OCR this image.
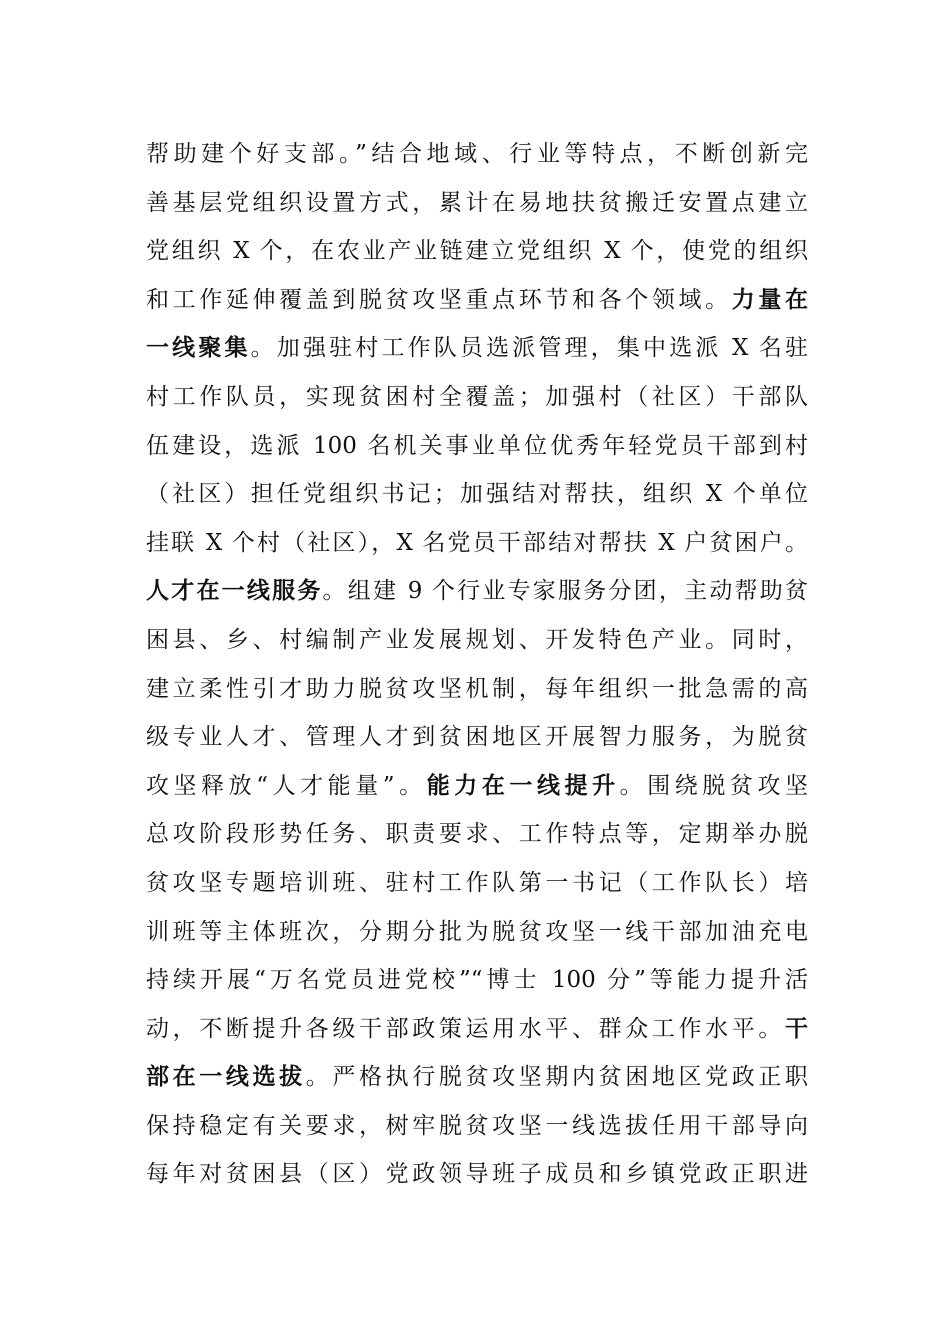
帮助建个好支部。”结合地域、行业等特点，不断创新完
善基层党组织设置方式，累计在易地扶贫搬迁安置点建立
党组织 X 个，在农业产业链建立党组织 X 个，使党的组织
和工作延伸覆盖到脱贫攻坚重点环节和各个领域。力量在
一线聚集。加强驻村工作队员选派管理，集中选派 X 名驻
村工作队员，实现贫困村全覆盖；加强村（社区）干部队
伍建设，选派 100 名机关事业单位优秀年轻党员干部到村
（社区）担任党组织书记；加强结对帮扶，组织 X 个单位
挂联 X 个村（社区），X 名党员干部结对帮扶 X 户贫困户。
人才在一线服务。组建 9 个行业专家服务分团，主动帮助贫
困县、乡、村编制产业发展规划、开发特色产业。同时，
建立柔性引才助力脱贫攻坚机制，每年组织一批急需的高
级专业人才、管理人才到贫困地区开展智力服务，为脱贫
攻坚释放“人才能量”。能力在一线提升。围绕脱贫攻坚
总攻阶段形势任务、职责要求、工作特点等，定期举办脱
贫攻坚专题培训班、驻村工作队第一书记（工作队长）培
训班等主体班次，分期分批为脱贫攻坚一线干部加油充电
持续开展“万名党员进党校”“博士 100 分”等能力提升活
动，不断提升各级干部政策运用水平、群众工作水平。干
部在一线选拔。严格执行脱贫攻坚期内贫困地区党政正职
保持稳定有关要求，树牢脱贫攻坚一线选拔任用干部导向
每年对贫困县（区）党政领导班子成员和乡镇党政正职进
